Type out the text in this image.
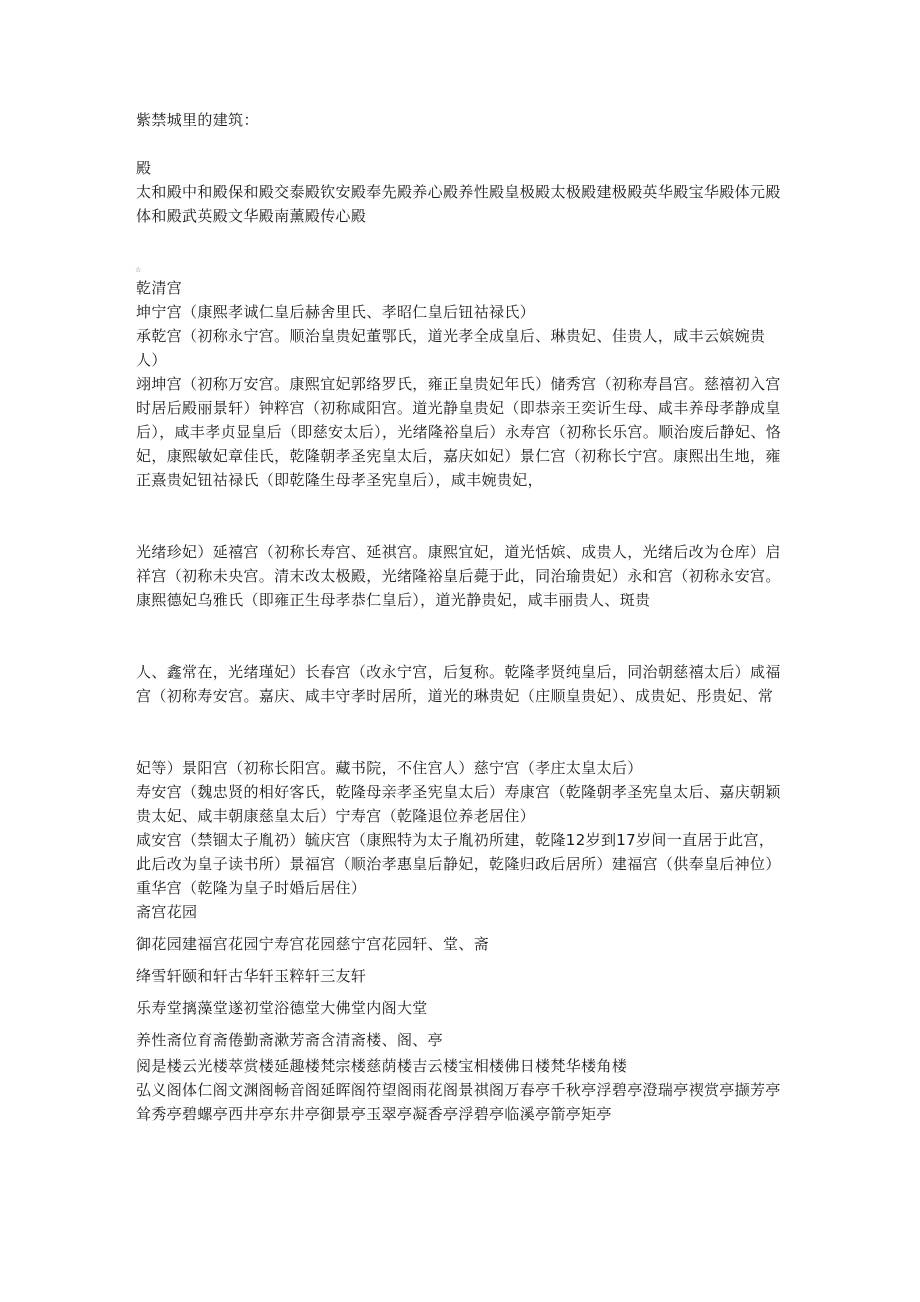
紫禁城里的建筑：

殿

太和殿中和殿保和殿交泰殿钦安殿奉先殿养心殿养性殿皇极殿太极殿建极殿英华殿宝华殿体元殿体和殿武英殿文华殿南薰殿传心殿

☆

乾清宫

坤宁宫（康熙孝诚仁皇后赫舍里氏、孝昭仁皇后钮祜禄氏）

承乾宫（初称永宁宫。顺治皇贵妃董鄂氏，道光孝全成皇后、琳贵妃、佳贵人，咸丰云嫔婉贵人）

翊坤宫（初称万安宫。康熙宜妃郭络罗氏，雍正皇贵妃年氏）储秀宫（初称寿昌宫。慈禧初入宫时居后殿丽景轩）钟粹宫（初称咸阳宫。道光静皇贵妃（即恭亲王奕䜣生母、咸丰养母孝静成皇后），咸丰孝贞显皇后（即慈安太后），光绪隆裕皇后）永寿宫（初称长乐宫。顺治废后静妃、恪妃，康熙敏妃章佳氏，乾隆朝孝圣宪皇太后，嘉庆如妃）景仁宫（初称长宁宫。康熙出生地，雍正熹贵妃钮祜禄氏（即乾隆生母孝圣宪皇后），咸丰婉贵妃，

光绪珍妃）延禧宫（初称长寿宫、延祺宫。康熙宜妃，道光恬嫔、成贵人，光绪后改为仓库）启祥宫（初称未央宫。清末改太极殿，光绪隆裕皇后薨于此，同治瑜贵妃）永和宫（初称永安宫。康熙德妃乌雅氏（即雍正生母孝恭仁皇后），道光静贵妃，咸丰丽贵人、斑贵

人、鑫常在，光绪瑾妃）长春宫（改永宁宫，后复称。乾隆孝贤纯皇后，同治朝慈禧太后）咸福宫（初称寿安宫。嘉庆、咸丰守孝时居所，道光的琳贵妃（庄顺皇贵妃）、成贵妃、彤贵妃、常

妃等）景阳宫（初称长阳宫。藏书院，不住宫人）慈宁宫（孝庄太皇太后）

寿安宫（魏忠贤的相好客氏，乾隆母亲孝圣宪皇太后）寿康宫（乾隆朝孝圣宪皇太后、嘉庆朝颖贵太妃、咸丰朝康慈皇太后）宁寿宫（乾隆退位养老居住）

咸安宫（禁锢太子胤礽）毓庆宫（康熙特为太子胤礽所建，乾隆12岁到17岁间一直居于此宫，此后改为皇子读书所）景福宫（顺治孝惠皇后静妃，乾隆归政后居所）建福宫（供奉皇后神位）重华宫（乾隆为皇子时婚后居住）

斋宫花园

御花园建福宫花园宁寿宫花园慈宁宫花园轩、堂、斋

绛雪轩颐和轩古华轩玉粹轩三友轩

乐寿堂摛藻堂遂初堂浴德堂大佛堂内阁大堂

养性斋位育斋倦勤斋漱芳斋含清斋楼、阁、亭

阅是楼云光楼萃赏楼延趣楼梵宗楼慈荫楼吉云楼宝相楼佛日楼梵华楼角楼

弘义阁体仁阁文渊阁畅音阁延晖阁符望阁雨花阁景祺阁万春亭千秋亭浮碧亭澄瑞亭禊赏亭撷芳亭耸秀亭碧螺亭西井亭东井亭御景亭玉翠亭凝香亭浮碧亭临溪亭箭亭矩亭
